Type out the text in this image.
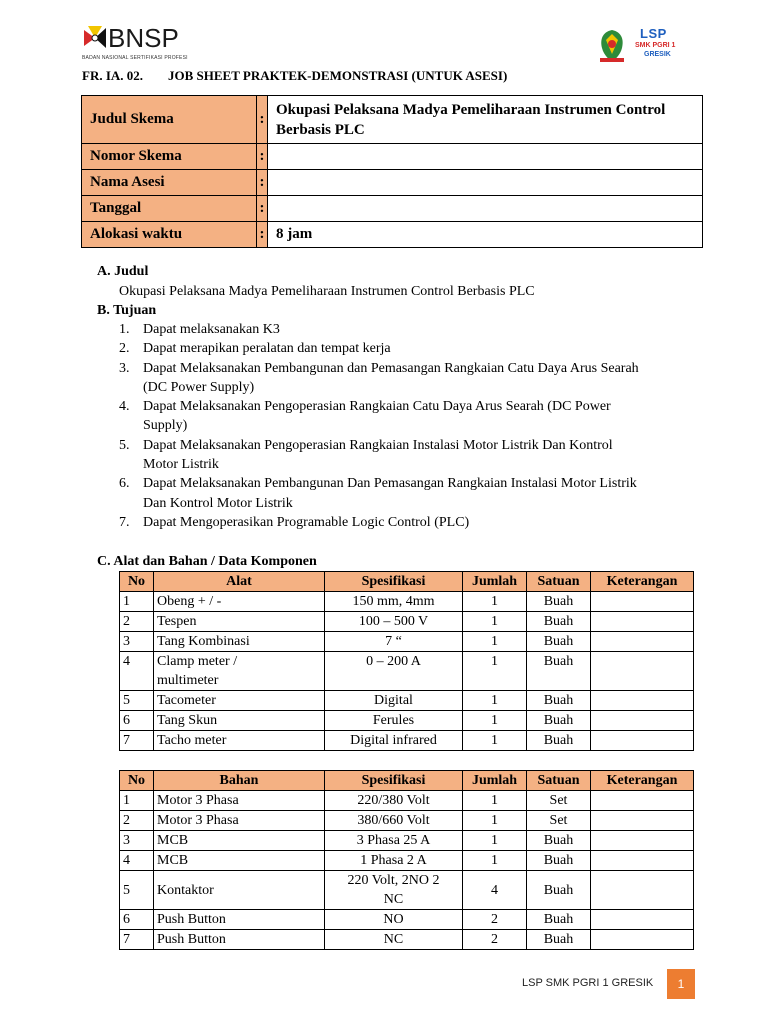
BNSP
BADAN NASIONAL SERTIFIKASI PROFESI
LSP
SMK PGRI 1
GRESIK
FR. IA. 02. JOB SHEET PRAKTEK-DEMONSTRASI (UNTUK ASESI)
Judul Skema	:	Okupasi Pelaksana Madya Pemeliharaan Instrumen Control Berbasis PLC
Nomor Skema	:	
Nama Asesi	:	
Tanggal	:	
Alokasi waktu	:	8 jam
A. Judul
Okupasi Pelaksana Madya Pemeliharaan Instrumen Control Berbasis PLC
B. Tujuan
1. Dapat melaksanakan K3
2. Dapat merapikan peralatan dan tempat kerja
3. Dapat Melaksanakan Pembangunan dan Pemasangan Rangkaian Catu Daya Arus Searah
(DC Power Supply)
4. Dapat Melaksanakan Pengoperasian Rangkaian Catu Daya Arus Searah (DC Power
Supply)
5. Dapat Melaksanakan Pengoperasian Rangkaian Instalasi Motor Listrik Dan Kontrol
Motor Listrik
6. Dapat Melaksanakan Pembangunan Dan Pemasangan Rangkaian Instalasi Motor Listrik
Dan Kontrol Motor Listrik
7. Dapat Mengoperasikan Programable Logic Control (PLC)
C. Alat dan Bahan / Data Komponen
No	Alat	Spesifikasi	Jumlah	Satuan	Keterangan
1	Obeng + / -	150 mm, 4mm	1	Buah	
2	Tespen	100 – 500 V	1	Buah	
3	Tang Kombinasi	7 “	1	Buah	
4	Clamp meter /
multimeter	0 – 200 A	1	Buah	
5	Tacometer	Digital	1	Buah	
6	Tang Skun	Ferules	1	Buah	
7	Tacho meter	Digital infrared	1	Buah	
No	Bahan	Spesifikasi	Jumlah	Satuan	Keterangan
1	Motor 3 Phasa	220/380 Volt	1	Set	
2	Motor 3 Phasa	380/660 Volt	1	Set	
3	MCB	3 Phasa 25 A	1	Buah	
4	MCB	1 Phasa 2 A	1	Buah	
5	Kontaktor	220 Volt, 2NO 2
NC	4	Buah	
6	Push Button	NO	2	Buah	
7	Push Button	NC	2	Buah	
LSP SMK PGRI 1 GRESIK	1
